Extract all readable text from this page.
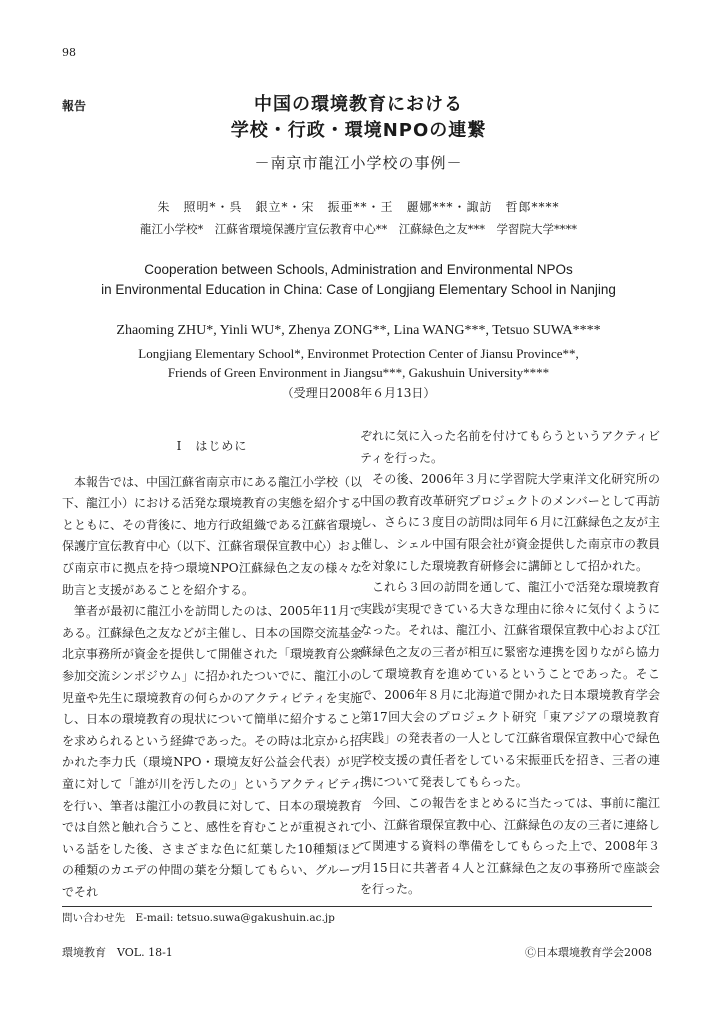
98
報告	中国の環境教育における
学校・行政・環境NPOの連繋
－南京市龍江小学校の事例－
朱　照明*・呉　銀立*・宋　振亜**・王　麗娜***・諏訪　哲郎****
龍江小学校*　江蘇省環境保護庁宣伝教育中心**　江蘇緑色之友***　学習院大学****
Cooperation between Schools, Administration and Environmental NPOs
in Environmental Education in China: Case of Longjiang Elementary School in Nanjing
Zhaoming ZHU*, Yinli WU*, Zhenya ZONG**, Lina WANG***, Tetsuo SUWA****
Longjiang Elementary School*, Environmet Protection Center of Jiansu Province**,
Friends of Green Environment in Jiangsu***, Gakushuin University****
（受理日2008年６月13日）

Ⅰ　はじめに

本報告では、中国江蘇省南京市にある龍江小学校（以下、龍江小）における活発な環境教育の実態を紹介するとともに、その背後に、地方行政組織である江蘇省環境保護庁宣伝教育中心（以下、江蘇省環保宣教中心）および南京市に拠点を持つ環境NPO江蘇緑色之友の様々な助言と支援があることを紹介する。

筆者が最初に龍江小を訪問したのは、2005年11月である。江蘇緑色之友などが主催し、日本の国際交流基金北京事務所が資金を提供して開催された「環境教育公衆参加交流シンポジウム」に招かれたついでに、龍江小の児童や先生に環境教育の何らかのアクティビティを実施し、日本の環境教育の現状について簡単に紹介することを求められるという経緯であった。その時は北京から招かれた李力氏（環境NPO・環境友好公益会代表）が児童に対して「誰が川を汚したの」というアクティビティを行い、筆者は龍江小の教員に対して、日本の環境教育では自然と触れ合うこと、感性を育むことが重視されている話をした後、さまざまな色に紅葉した10種類ほどの種類のカエデの仲間の葉を分類してもらい、グループでそれ

ぞれに気に入った名前を付けてもらうというアクティビティを行った。

その後、2006年３月に学習院大学東洋文化研究所の中国の教育改革研究プロジェクトのメンバーとして再訪し、さらに３度目の訪問は同年６月に江蘇緑色之友が主催し、シェル中国有限会社が資金提供した南京市の教員を対象にした環境教育研修会に講師として招かれた。

これら３回の訪問を通して、龍江小で活発な環境教育実践が実現できている大きな理由に徐々に気付くようになった。それは、龍江小、江蘇省環保宣教中心および江蘇緑色之友の三者が相互に緊密な連携を図りながら協力して環境教育を進めているということであった。そこで、2006年８月に北海道で開かれた日本環境教育学会第17回大会のプロジェクト研究「東アジアの環境教育実践」の発表者の一人として江蘇省環保宣教中心で緑色学校支援の責任者をしている宋振亜氏を招き、三者の連携について発表してもらった。

今回、この報告をまとめるに当たっては、事前に龍江小、江蘇省環保宣教中心、江蘇緑色の友の三者に連絡して関連する資料の準備をしてもらった上で、2008年３月15日に共著者４人と江蘇緑色之友の事務所で座談会を行った。

問い合わせ先　E-mail: tetsuo.suwa@gakushuin.ac.jp
環境教育　VOL. 18-1	Ⓒ日本環境教育学会2008
